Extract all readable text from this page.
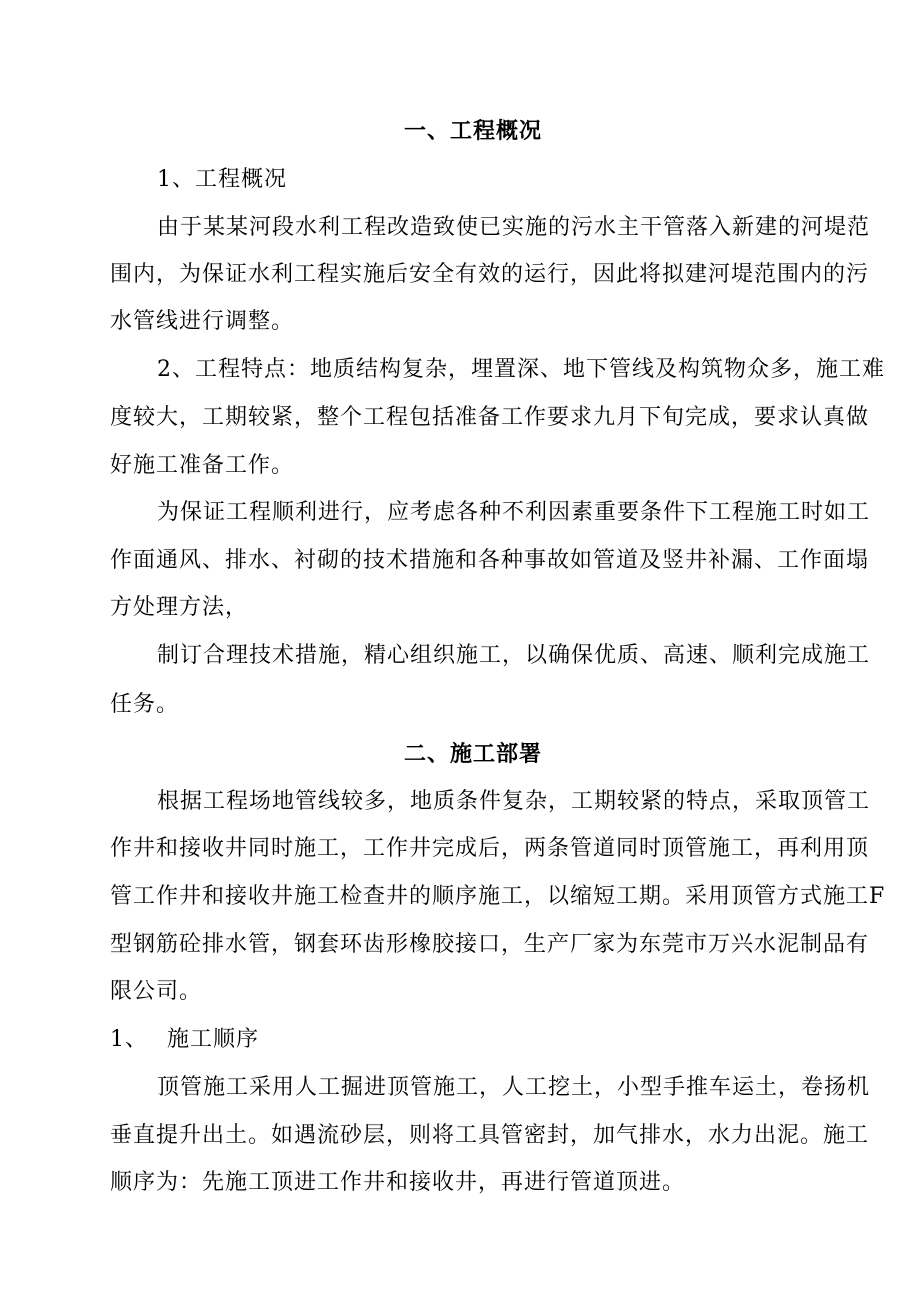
一、工程概况
1、工程概况
由于某某河段水利工程改造致使已实施的污水主干管落入新建的河堤范
围内，为保证水利工程实施后安全有效的运行，因此将拟建河堤范围内的污
水管线进行调整。
2、工程特点：地质结构复杂，埋置深、地下管线及构筑物众多，施工难
度较大，工期较紧，整个工程包括准备工作要求九月下旬完成，要求认真做
好施工准备工作。
为保证工程顺利进行，应考虑各种不利因素重要条件下工程施工时如工
作面通风、排水、衬砌的技术措施和各种事故如管道及竖井补漏、工作面塌
方处理方法，
制订合理技术措施，精心组织施工，以确保优质、高速、顺利完成施工
任务。
二、施工部署
根据工程场地管线较多，地质条件复杂，工期较紧的特点，采取顶管工
作井和接收井同时施工，工作井完成后，两条管道同时顶管施工，再利用顶
管工作井和接收井施工检查井的顺序施工，以缩短工期。采用顶管方式施工F
型钢筋砼排水管，钢套环齿形橡胶接口，生产厂家为东莞市万兴水泥制品有
限公司。
1、 施工顺序
顶管施工采用人工掘进顶管施工，人工挖土，小型手推车运土，卷扬机
垂直提升出土。如遇流砂层，则将工具管密封，加气排水，水力出泥。施工
顺序为：先施工顶进工作井和接收井，再进行管道顶进。
